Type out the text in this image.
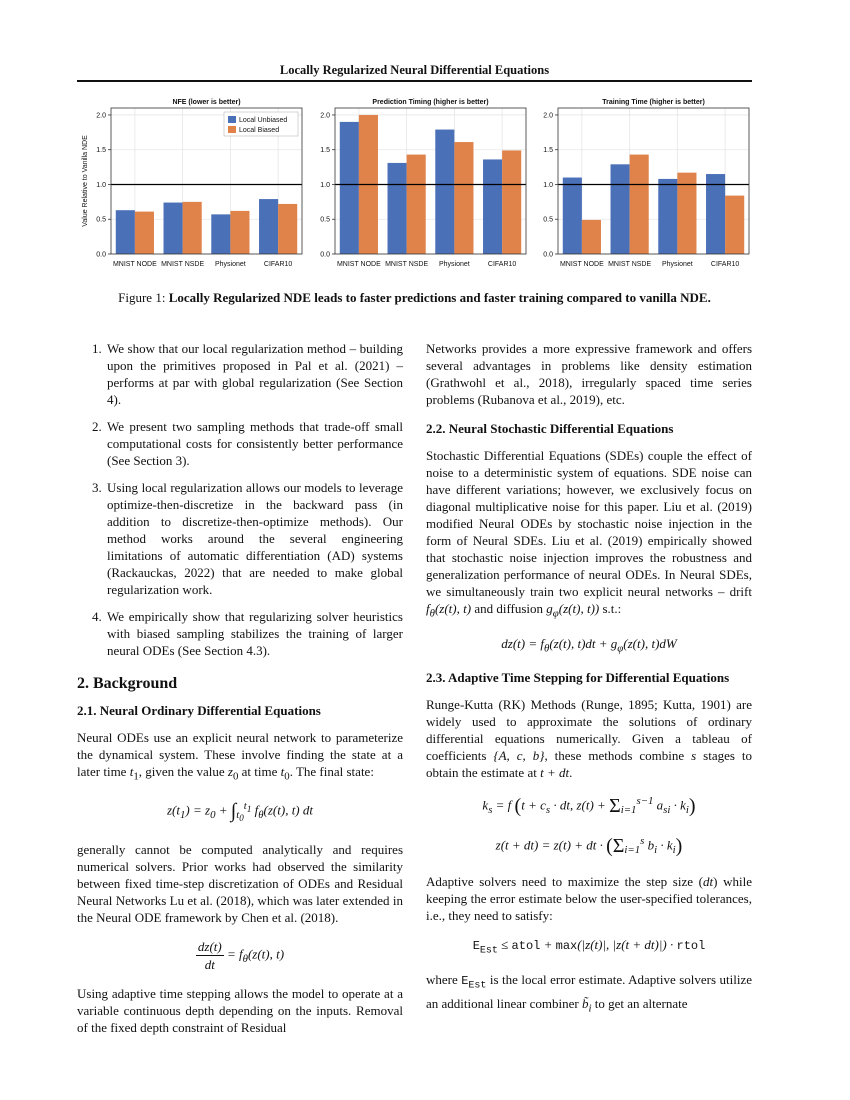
Locally Regularized Neural Differential Equations
NFE (lower is better)
0.0
0.5
1.0
1.5
2.0
MNIST NODE MNIST NSDE Physionet	CIFAR10
Value Relative to Vanilla NDE
Local Unbiased
Local Biased
Prediction Timing (higher is better)
0.0
0.5
1.0
1.5
2.0
MNIST NODE MNIST NSDE Physionet	CIFAR10
Training Time (higher is better)
0.0
0.5
1.0
1.5
2.0
MNIST NODE MNIST NSDE Physionet	CIFAR10
Figure 1: Locally Regularized NDE leads to faster predictions and faster training compared to vanilla NDE.
1. We show that our local regularization method – building upon the primitives proposed in Pal et al. (2021) – performs at par with global regularization (See Section 4).
2. We present two sampling methods that trade-off small computational costs for consistently better performance (See Section 3).
3. Using local regularization allows our models to leverage optimize-then-discretize in the backward pass (in addition to discretize-then-optimize methods). Our method works around the several engineering limitations of automatic differentiation (AD) systems (Rackauckas, 2022) that are needed to make global regularization work.
4. We empirically show that regularizing solver heuristics with biased sampling stabilizes the training of larger neural ODEs (See Section 4.3).
2. Background
2.1. Neural Ordinary Differential Equations

Neural ODEs use an explicit neural network to parameterize the dynamical system. These involve finding the state at a later time $t_1$, given the value $z_0$ at time $t_0$. The final state:

$z(t_1) = z_0 + \int_{t_0}^{t_1}$ $f_\theta(z(t)$, t) dt

generally cannot be computed analytically and requires numerical solvers. Prior works had observed the similarity between fixed time-step discretization of ODEs and Residual Neural Networks Lu et al. (2018), which was later extended in the Neural ODE framework by Chen et al. (2018).

$\frac{dz(t)}{dt} = f_\theta(z(t)$, t)

Using adaptive time stepping allows the model to operate at a variable continuous depth depending on the inputs. Removal of the fixed depth constraint of Residual

Networks provides a more expressive framework and offers several advantages in problems like density estimation (Grathwohl et al., 2018), irregularly spaced time series problems (Rubanova et al., 2019), etc.

2.2. Neural Stochastic Differential Equations

Stochastic Differential Equations (SDEs) couple the effect of noise to a deterministic system of equations. SDE noise can have different variations; however, we exclusively focus on diagonal multiplicative noise for this paper. Liu et al. (2019) modified Neural ODEs by stochastic noise injection in the form of Neural SDEs. Liu et al. (2019) empirically showed that stochastic noise injection improves the robustness and generalization performance of neural ODEs. In Neural SDEs, we simultaneously train two explicit neural networks – drift $f_\theta(z(t)$, t) and diffusion $g_\varphi(z(t)$, t)) s.t.:

$dz(t) = f_\theta(z(t)$, $t)dt + g_\varphi(z(t)$, t)dW
2.3. Adaptive Time Stepping for Differential Equations

Runge-Kutta (RK) Methods (Runge, 1895; Kutta, 1901) are widely used to approximate the solutions of ordinary differential equations numerically. Given a tableau of coefficients {A, c, b}, these methods combine s stages to obtain the estimate at t + dt.

$k_s = f$ ($t + c_s$ · dt, $z(t) + \Sigma_{i=1}^{s-1}$ $a_{si} \cdot k_i$)
z(t + dt) = z(t) + dt · ($\Sigma_{i=1}^s$ $b_i \cdot k_i$)

Adaptive solvers need to maximize the step size (dt) while keeping the error estimate below the user-specified tolerances, i.e., they need to satisfy:

$E_{Est}$ ≤ atol + max(|z(t)|, |z(t + dt)|) · rtol

where $E_{Est}$ is the local error estimate. Adaptive solvers utilize an additional linear combiner $b̃_i$ to get an alternate
